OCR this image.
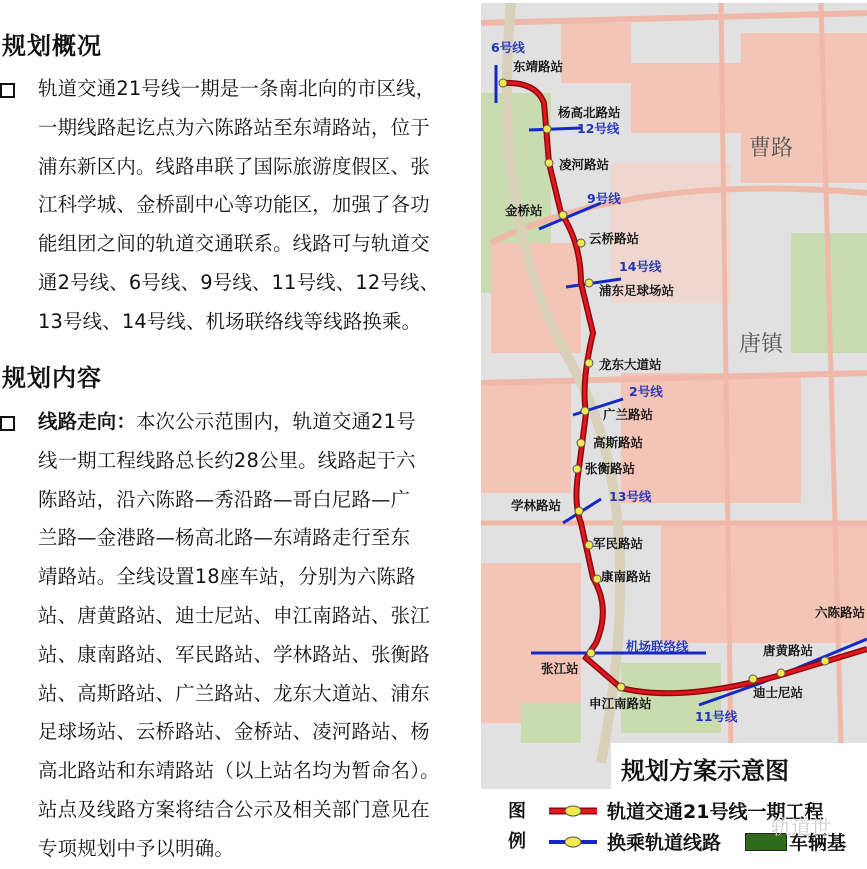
规划概况
轨道交通21号线一期是一条南北向的市区线，
一期线路起讫点为六陈路站至东靖路站，位于
浦东新区内。线路串联了国际旅游度假区、张
江科学城、金桥副中心等功能区，加强了各功
能组团之间的轨道交通联系。线路可与轨道交
通2号线、6号线、9号线、11号线、12号线、
13号线、14号线、机场联络线等线路换乘。
规划内容
线路走向：本次公示范围内，轨道交通21号
线一期工程线路总长约28公里。线路起于六
陈路站，沿六陈路—秀沿路—哥白尼路—广
兰路—金港路—杨高北路—东靖路走行至东
靖路站。全线设置18座车站，分别为六陈路
站、唐黄路站、迪士尼站、申江南路站、张江
站、康南路站、军民路站、学林路站、张衡路
站、高斯路站、广兰路站、龙东大道站、浦东
足球场站、云桥路站、金桥站、凌河路站、杨
高北路站和东靖路站（以上站名均为暂命名）。
站点及线路方案将结合公示及相关部门意见在
专项规划中予以明确。
曹路
唐镇
东靖路站
杨高北路站
凌河路站
金桥站
云桥路站
浦东足球场站
龙东大道站
广兰路站
高斯路站
张衡路站
学林路站
军民路站
康南路站
张江站
申江南路站
迪士尼站
唐黄路站
六陈路站
6号线
12号线
9号线
14号线
2号线
13号线
机场联络线
11号线
规划方案示意图
图
例
轨道交通21号线一期工程
换乘轨道线路	车辆基
轨道世
